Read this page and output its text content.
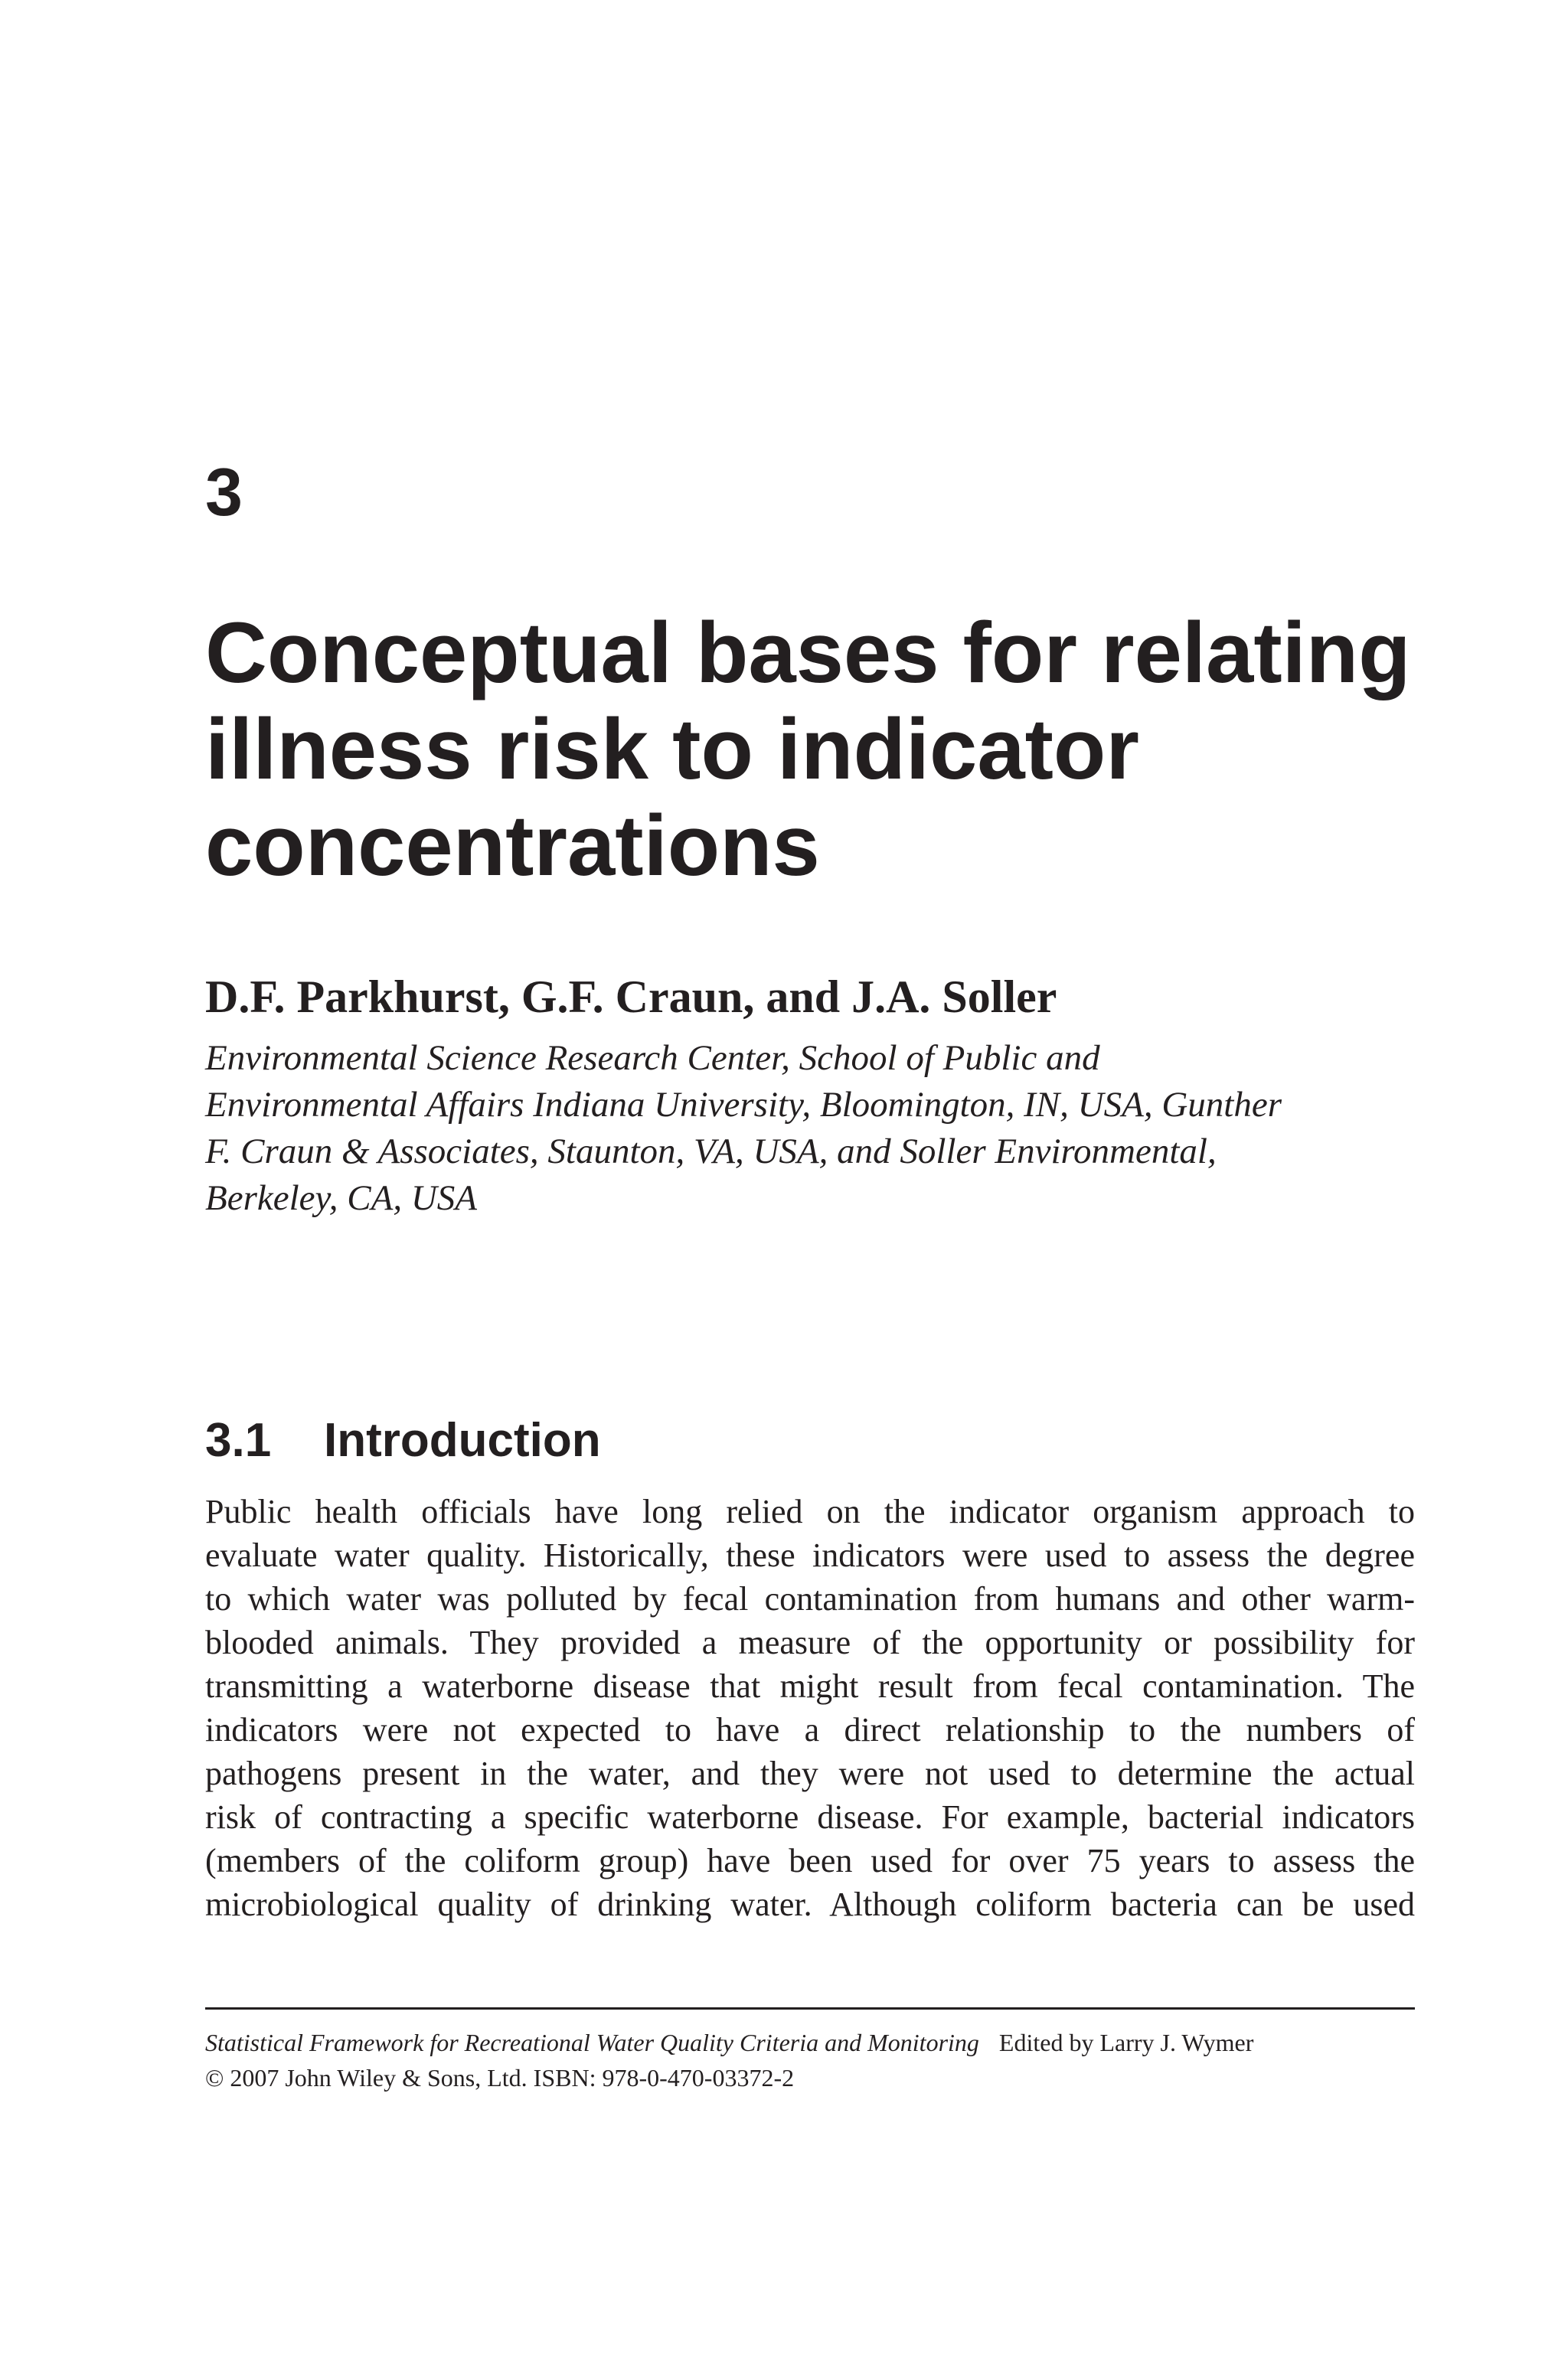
3
Conceptual bases for relating
illness risk to indicator
concentrations
D.F. Parkhurst, G.F. Craun, and J.A. Soller
Environmental Science Research Center, School of Public and
Environmental Affairs Indiana University, Bloomington, IN, USA, Gunther
F. Craun & Associates, Staunton, VA, USA, and Soller Environmental,
Berkeley, CA, USA
3.1 Introduction
Public health officials have long relied on the indicator organism approach to
evaluate water quality. Historically, these indicators were used to assess the degree
to which water was polluted by fecal contamination from humans and other warm-
blooded animals. They provided a measure of the opportunity or possibility for
transmitting a waterborne disease that might result from fecal contamination. The
indicators were not expected to have a direct relationship to the numbers of
pathogens present in the water, and they were not used to determine the actual
risk of contracting a specific waterborne disease. For example, bacterial indicators
(members of the coliform group) have been used for over 75 years to assess the
microbiological quality of drinking water. Although coliform bacteria can be used
Statistical Framework for Recreational Water Quality Criteria and Monitoring Edited by Larry J. Wymer
© 2007 John Wiley & Sons, Ltd. ISBN: 978-0-470-03372-2
